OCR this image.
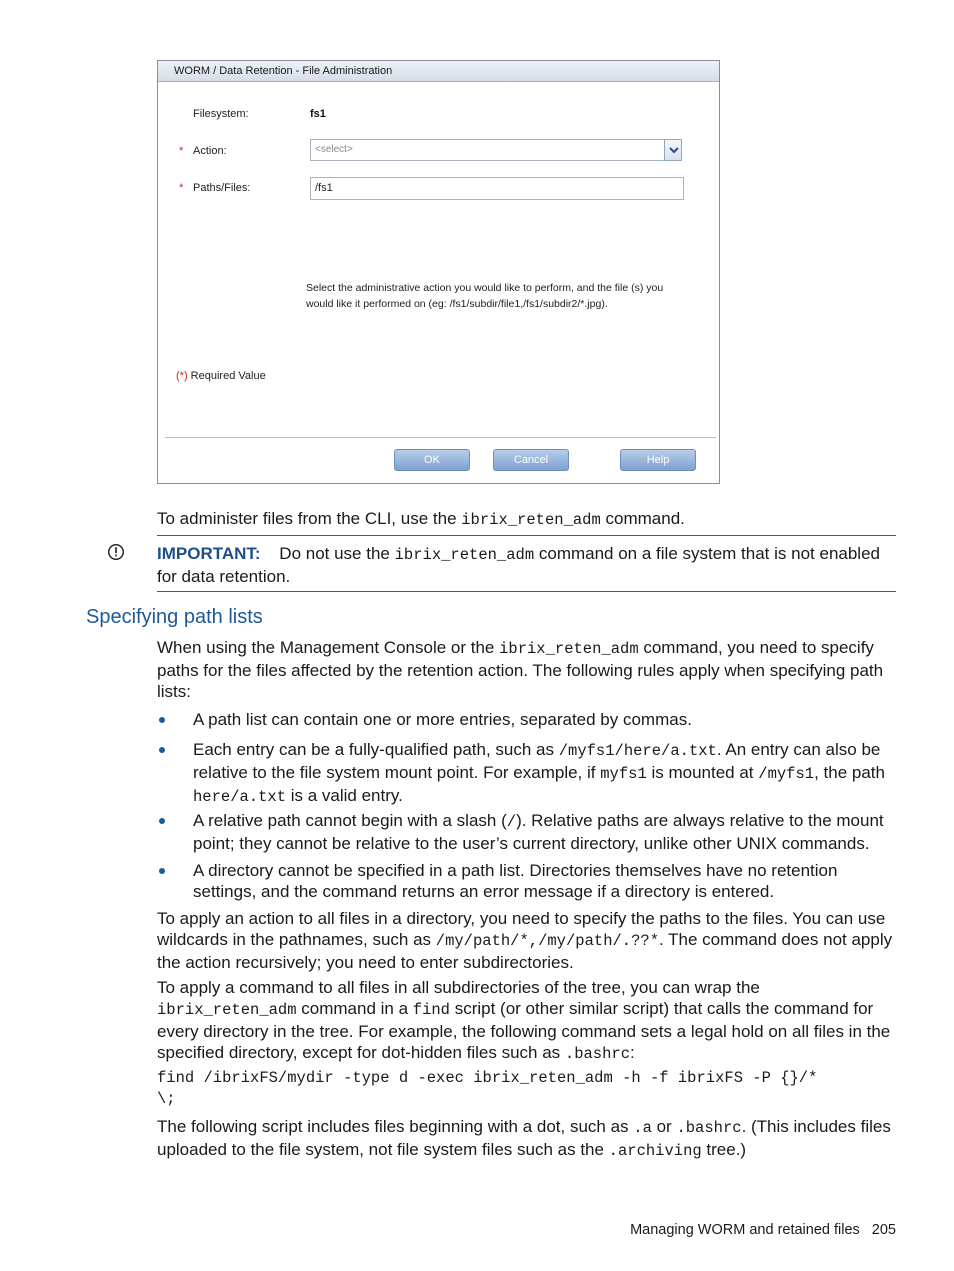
WORM / Data Retention - File Administration
Filesystem:	fs1
* Action:	<select>
* Paths/Files:	/fs1
Select the administrative action you would like to perform, and the file (s) you would like it performed on (eg: /fs1/subdir/file1,/fs1/subdir2/*.jpg).
(*) Required Value
OK	Cancel	Help
To administer files from the CLI, use the ibrix_reten_adm command.
IMPORTANT: Do not use the ibrix_reten_adm command on a file system that is not enabled for data retention.
Specifying path lists
When using the Management Console or the ibrix_reten_adm command, you need to specify paths for the files affected by the retention action. The following rules apply when specifying path lists:
A path list can contain one or more entries, separated by commas.
Each entry can be a fully-qualified path, such as /myfs1/here/a.txt. An entry can also be relative to the file system mount point. For example, if myfs1 is mounted at /myfs1, the path here/a.txt is a valid entry.
A relative path cannot begin with a slash (/). Relative paths are always relative to the mount point; they cannot be relative to the user’s current directory, unlike other UNIX commands.
A directory cannot be specified in a path list. Directories themselves have no retention settings, and the command returns an error message if a directory is entered.
To apply an action to all files in a directory, you need to specify the paths to the files. You can use wildcards in the pathnames, such as /my/path/*,/my/path/.??*. The command does not apply the action recursively; you need to enter subdirectories.
To apply a command to all files in all subdirectories of the tree, you can wrap the ibrix_reten_adm command in a find script (or other similar script) that calls the command for every directory in the tree. For example, the following command sets a legal hold on all files in the specified directory, except for dot-hidden files such as .bashrc:
find /ibrixFS/mydir -type d -exec ibrix_reten_adm -h -f ibrixFS -P {}/*
\;
The following script includes files beginning with a dot, such as .a or .bashrc. (This includes files uploaded to the file system, not file system files such as the .archiving tree.)
Managing WORM and retained files 205
